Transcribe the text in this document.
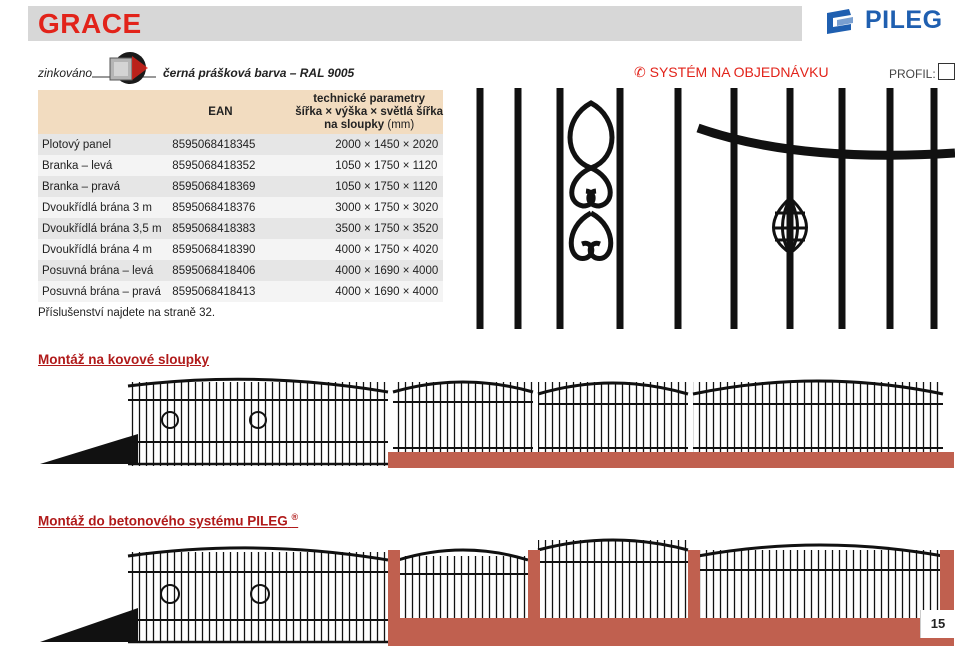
GRACE	PILEG
zinkováno	černá prášková barva – RAL 9005	✆ SYSTÉM NA OBJEDNÁVKU	PROFIL:
	EAN	technické parametry
šířka × výška × světlá šířka
na sloupky (mm)

Plotový panel	8595068418345	2000 × 1450 × 2020
Branka – levá	8595068418352	1050 × 1750 × 1120
Branka – pravá	8595068418369	1050 × 1750 × 1120
Dvoukřídlá brána 3 m	8595068418376	3000 × 1750 × 3020
Dvoukřídlá brána 3,5 m	8595068418383	3500 × 1750 × 3520
Dvoukřídlá brána 4 m	8595068418390	4000 × 1750 × 4020
Posuvná brána – levá	8595068418406	4000 × 1690 × 4000
Posuvná brána – pravá	8595068418413	4000 × 1690 × 4000
Příslušenství najdete na straně 32.
Montáž na kovové sloupky
Montáž do betonového systému PILEG ®
15
